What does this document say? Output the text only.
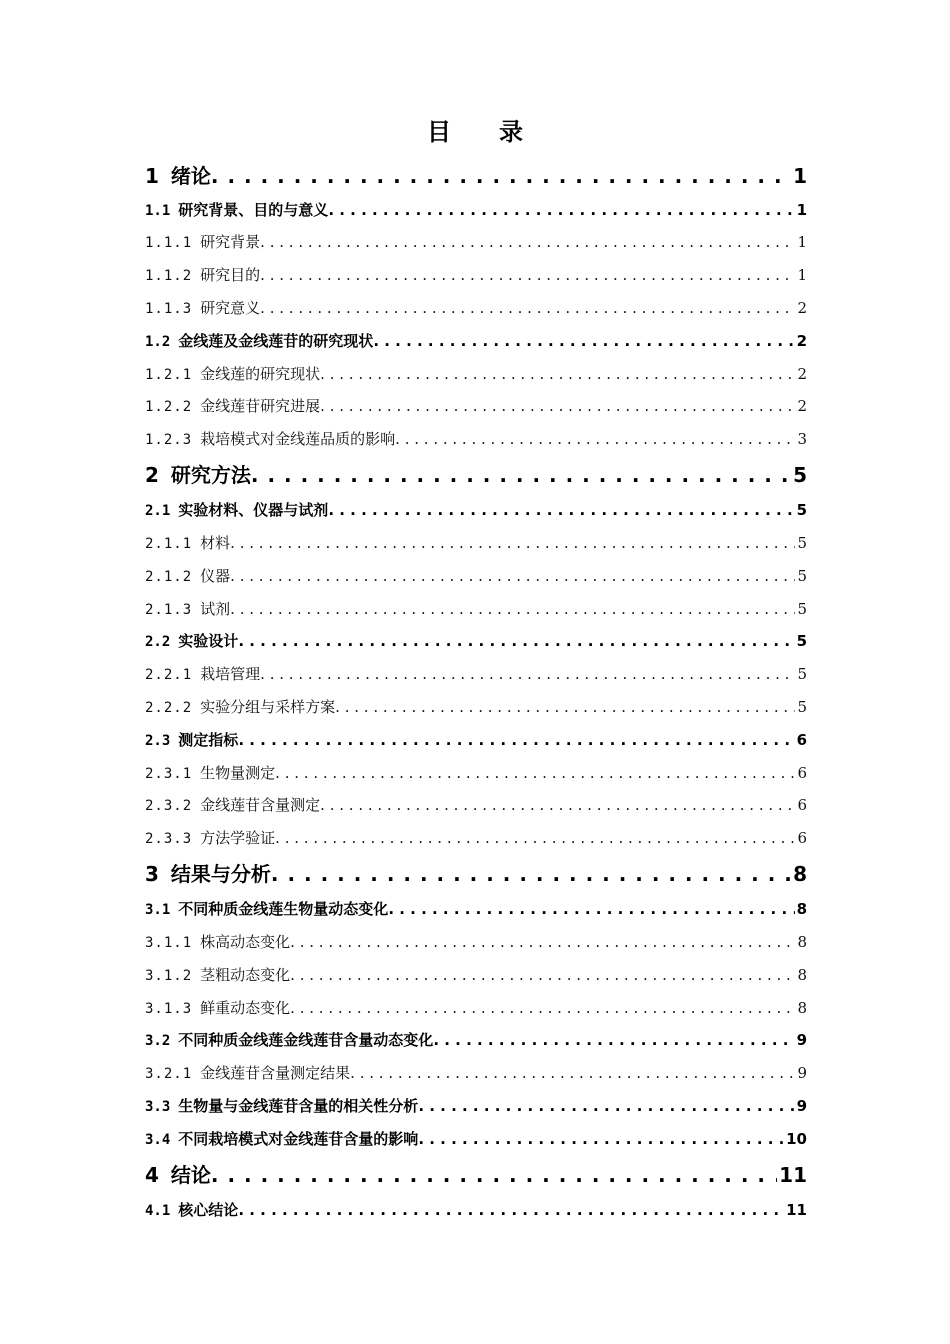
目 录
1 绪论 . . .	1
1.1 研究背景、目的与意义 . . .	1
1.1.1 研究背景 . . .	1
1.1.2 研究目的 . . .	1
1.1.3 研究意义 . . .	2
1.2 金线莲及金线莲苷的研究现状 . . .	2
1.2.1 金线莲的研究现状 . . .	2
1.2.2 金线莲苷研究进展 . . .	2
1.2.3 栽培模式对金线莲品质的影响 . . .	3
2 研究方法 . . .	5
2.1 实验材料、仪器与试剂 . . .	5
2.1.1 材料 . . .	5
2.1.2 仪器 . . .	5
2.1.3 试剂 . . .	5
2.2 实验设计 . . .	5
2.2.1 栽培管理 . . .	5
2.2.2 实验分组与采样方案 . . .	5
2.3 测定指标 . . .	6
2.3.1 生物量测定 . . .	6
2.3.2 金线莲苷含量测定 . . .	6
2.3.3 方法学验证 . . .	6
3 结果与分析 . . .	8
3.1 不同种质金线莲生物量动态变化 . . .	8
3.1.1 株高动态变化 . . .	8
3.1.2 茎粗动态变化 . . .	8
3.1.3 鲜重动态变化 . . .	8
3.2 不同种质金线莲金线莲苷含量动态变化 . . .	9
3.2.1 金线莲苷含量测定结果 . . .	9
3.3 生物量与金线莲苷含量的相关性分析 . . .	9
3.4 不同栽培模式对金线莲苷含量的影响 . . .	10
4 结论 . . .	11
4.1 核心结论 . . .	11
